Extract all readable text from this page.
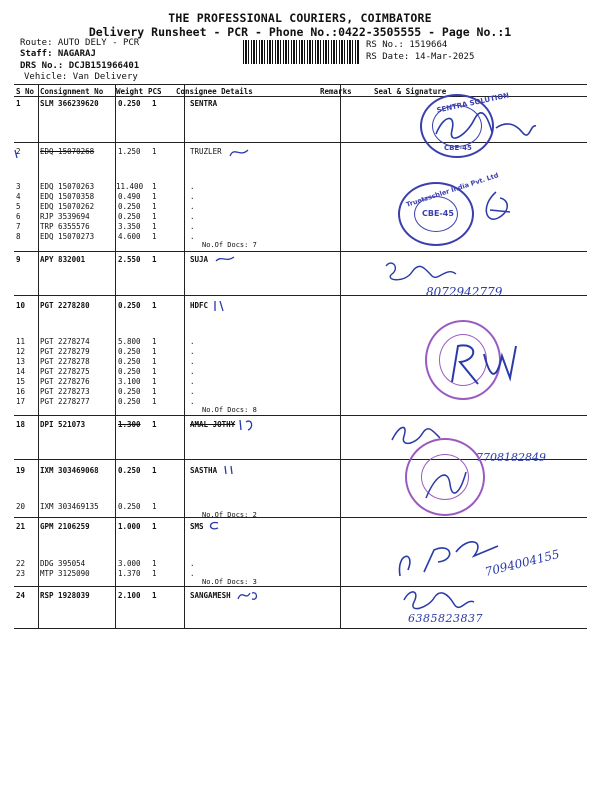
THE PROFESSIONAL COURIERS, COIMBATORE
Delivery Runsheet - PCR - Phone No.:0422-3505555 - Page No.:1
Route: AUTO DELY - PCR
Staff: NAGARAJ
DRS No.: DCJB151966401
Vehicle: Van Delivery
RS No.: 1519664
RS Date: 14-Mar-2025
S No Consignment No Weight PCS Consignee Details	Remarks	Seal & Signature
1	SLM 366239620	0.250 1	SENTRA
2	EDQ 15070268	1.250 1	TRUZLER
3	EDQ 15070263	11.400 1	.
4	EDQ 15070358	0.490 1	.
5	EDQ 15070262	0.250 1	.
6	RJP 3539694	0.250 1	.
7	TRP 6355576	3.350 1	.
8	EDQ 15070273	4.600 1	.
No.Of Docs: 7
9	APY 832001	2.550 1	SUJA
10 PGT 2278280	0.250 1	HDFC
11 PGT 2278274	5.800 1	.
12 PGT 2278279	0.250 1	.
13 PGT 2278278	0.250 1	.
14 PGT 2278275	0.250 1	.
15 PGT 2278276	3.100 1	.
16 PGT 2278273	0.250 1	.
17 PGT 2278277	0.250 1	.
No.Of Docs: 8
18 DPI 521073	1.300 1	AMAL JOTHY
19 IXM 303469068	0.250 1	SASTHA
20 IXM 303469135	0.250 1
No.Of Docs: 2
21 GPM 2106259	1.000 1	SMS
22 DDG 395054	3.000 1	.
23 MTP 3125090	1.370 1	.
No.Of Docs: 3
24 RSP 1928039	2.100 1	SANGAMESH
SENTRA SOLUTION
CBE-45
Truetzschler India Pvt. Ltd
CBE-45
8072942779
7708182849
7094004155
6385823837
